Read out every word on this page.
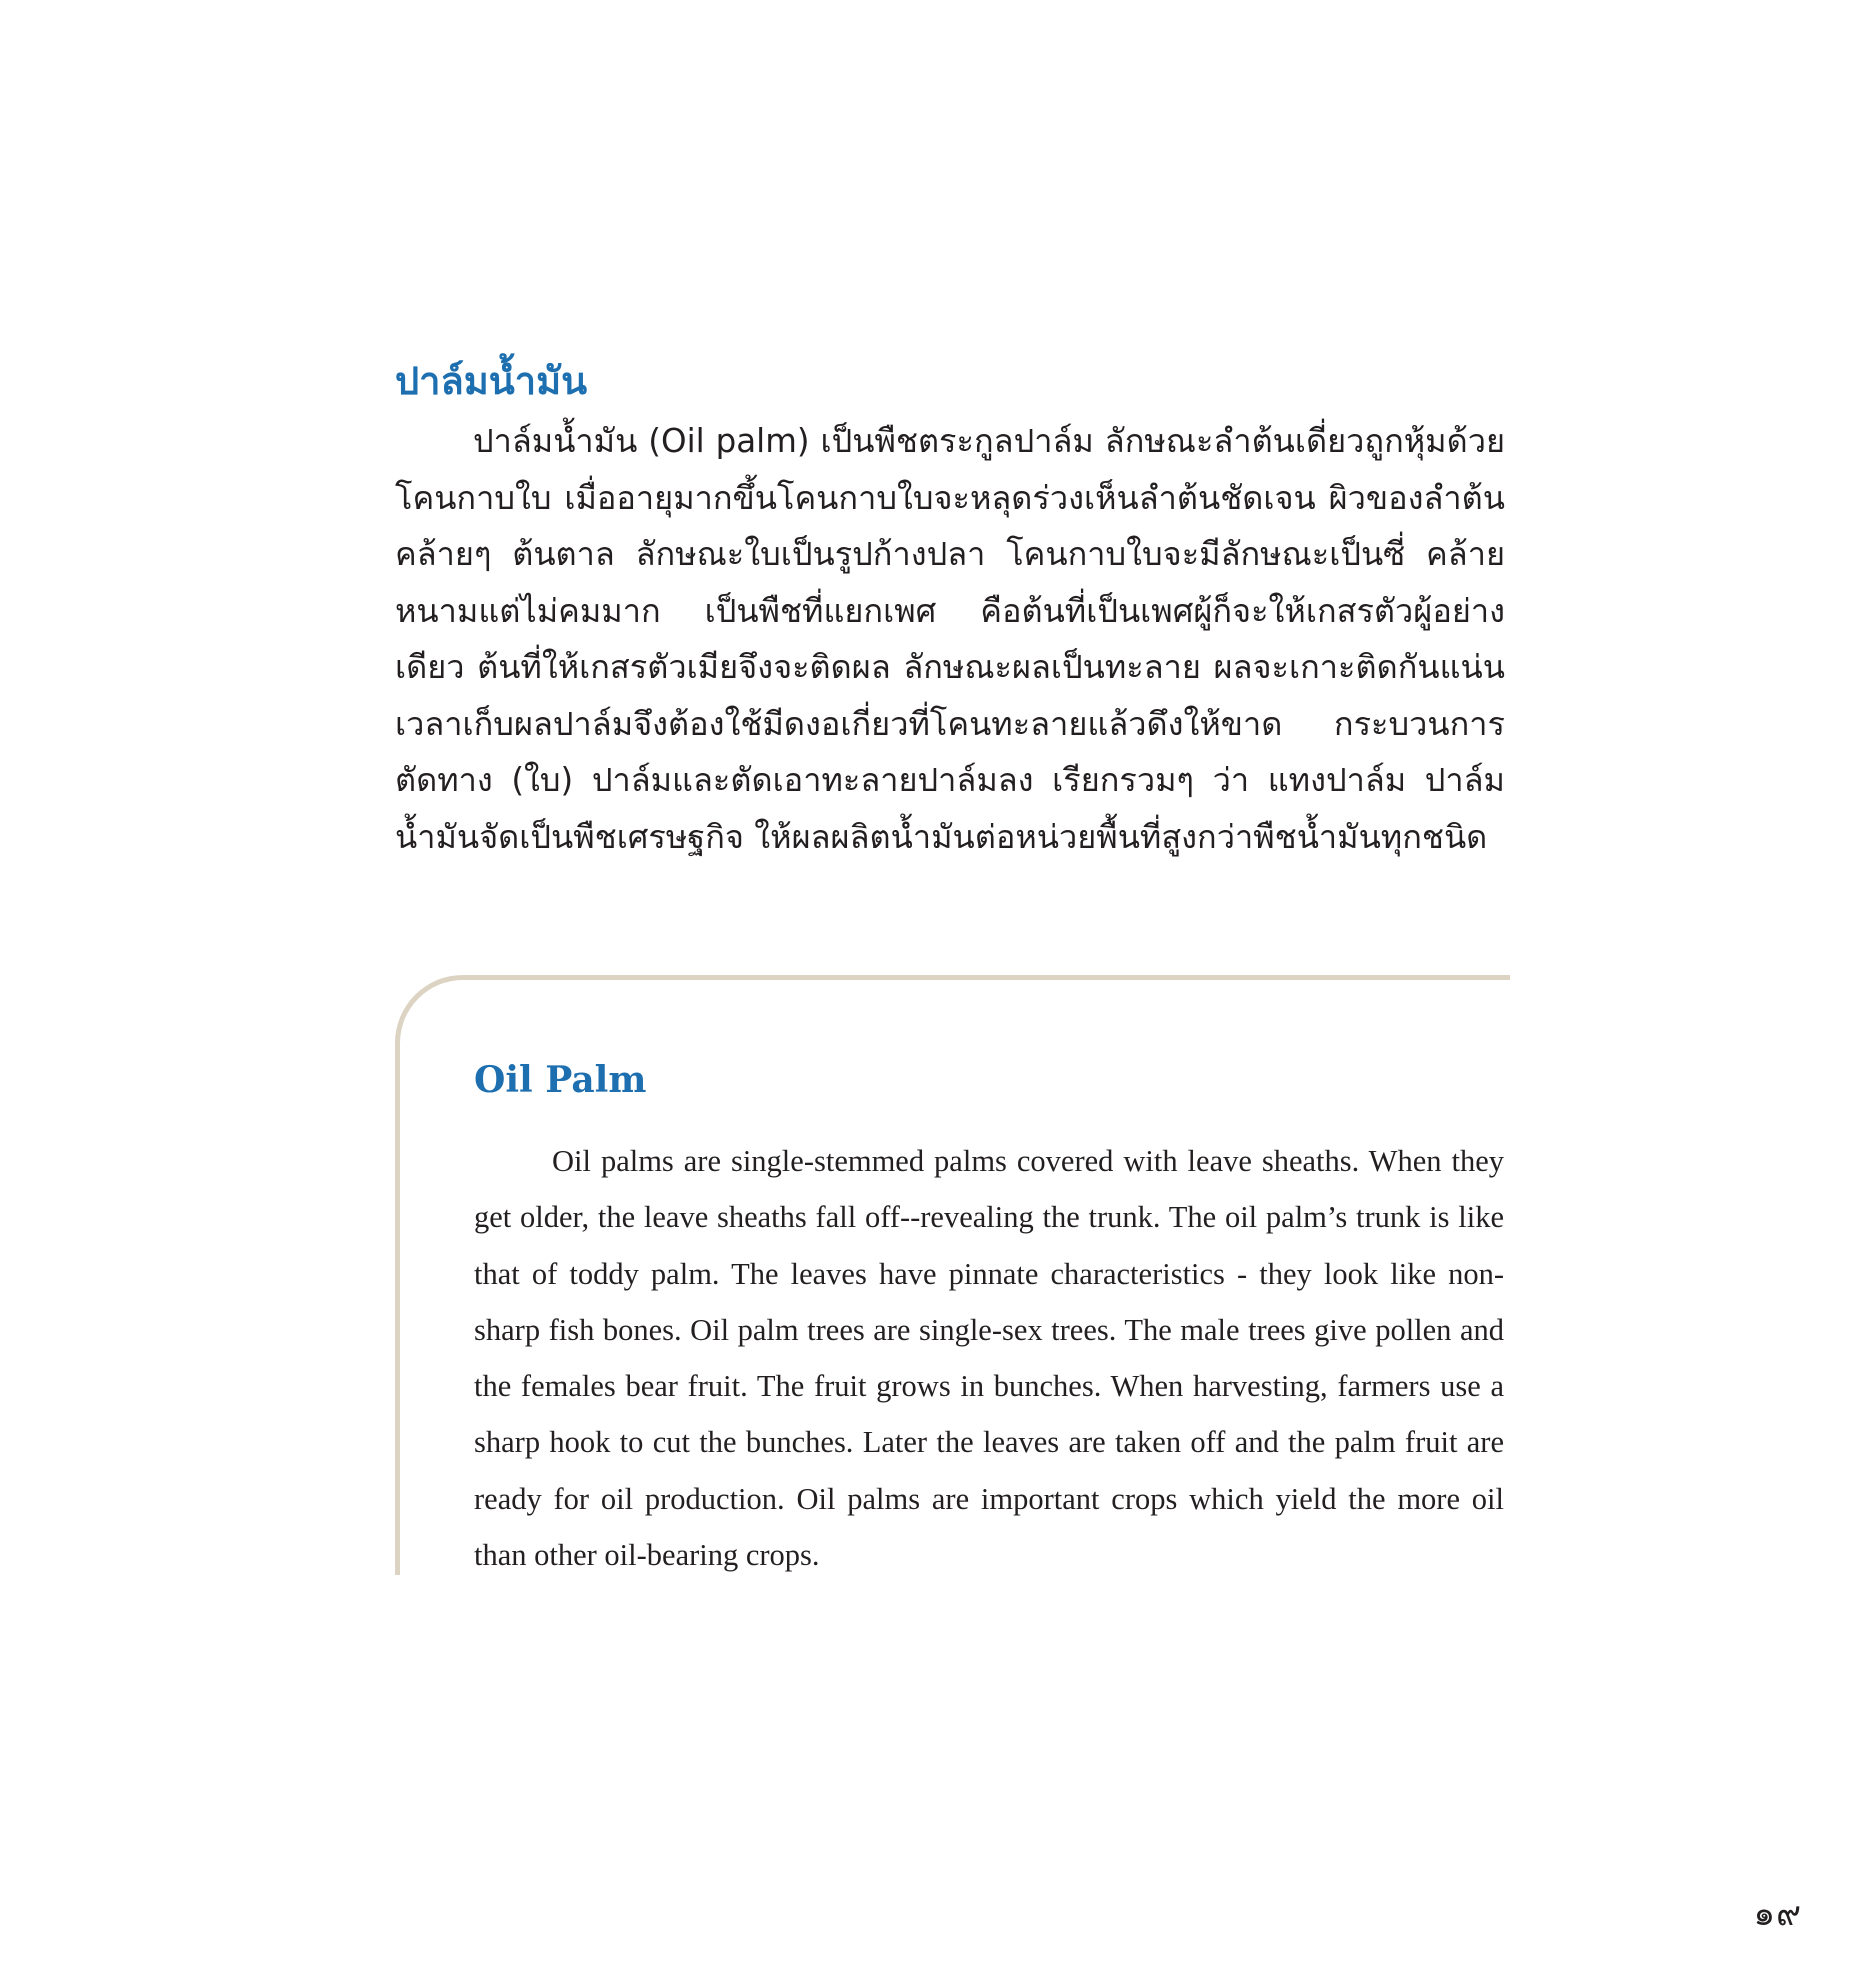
ปาล์มน้ำมัน

ปาล์มน้ำมัน (Oil palm) เป็นพืชตระกูลปาล์ม ลักษณะลำต้นเดี่ยวถูกหุ้มด้วยโคนกาบใบ เมื่ออายุมากขึ้นโคนกาบใบจะหลุดร่วงเห็นลำต้นชัดเจน ผิวของลำต้นคล้ายๆ ต้นตาล ลักษณะใบเป็นรูปก้างปลา โคนกาบใบจะมีลักษณะเป็นซี่ คล้ายหนามแต่ไม่คมมาก เป็นพืชที่แยกเพศ คือต้นที่เป็นเพศผู้ก็จะให้เกสรตัวผู้อย่างเดียว ต้นที่ให้เกสรตัวเมียจึงจะติดผล ลักษณะผลเป็นทะลาย ผลจะเกาะติดกันแน่น เวลาเก็บผลปาล์มจึงต้องใช้มีดงอเกี่ยวที่โคนทะลายแล้วดึงให้ขาด กระบวนการตัดทาง (ใบ) ปาล์มและตัดเอาทะลายปาล์มลง เรียกรวมๆ ว่า แทงปาล์ม ปาล์มน้ำมันจัดเป็นพืชเศรษฐกิจ ให้ผลผลิตน้ำมันต่อหน่วยพื้นที่สูงกว่าพืชน้ำมันทุกชนิด

Oil Palm

Oil palms are single-stemmed palms covered with leave sheaths. When they get older, the leave sheaths fall off--revealing the trunk. The oil palm’s trunk is like that of toddy palm. The leaves have pinnate characteristics - they look like non-sharp fish bones. Oil palm trees are single-sex trees. The male trees give pollen and the females bear fruit. The fruit grows in bunches. When harvesting, farmers use a sharp hook to cut the bunches. Later the leaves are taken off and the palm fruit are ready for oil production. Oil palms are important crops which yield the more oil than other oil-bearing crops.

๑๙
